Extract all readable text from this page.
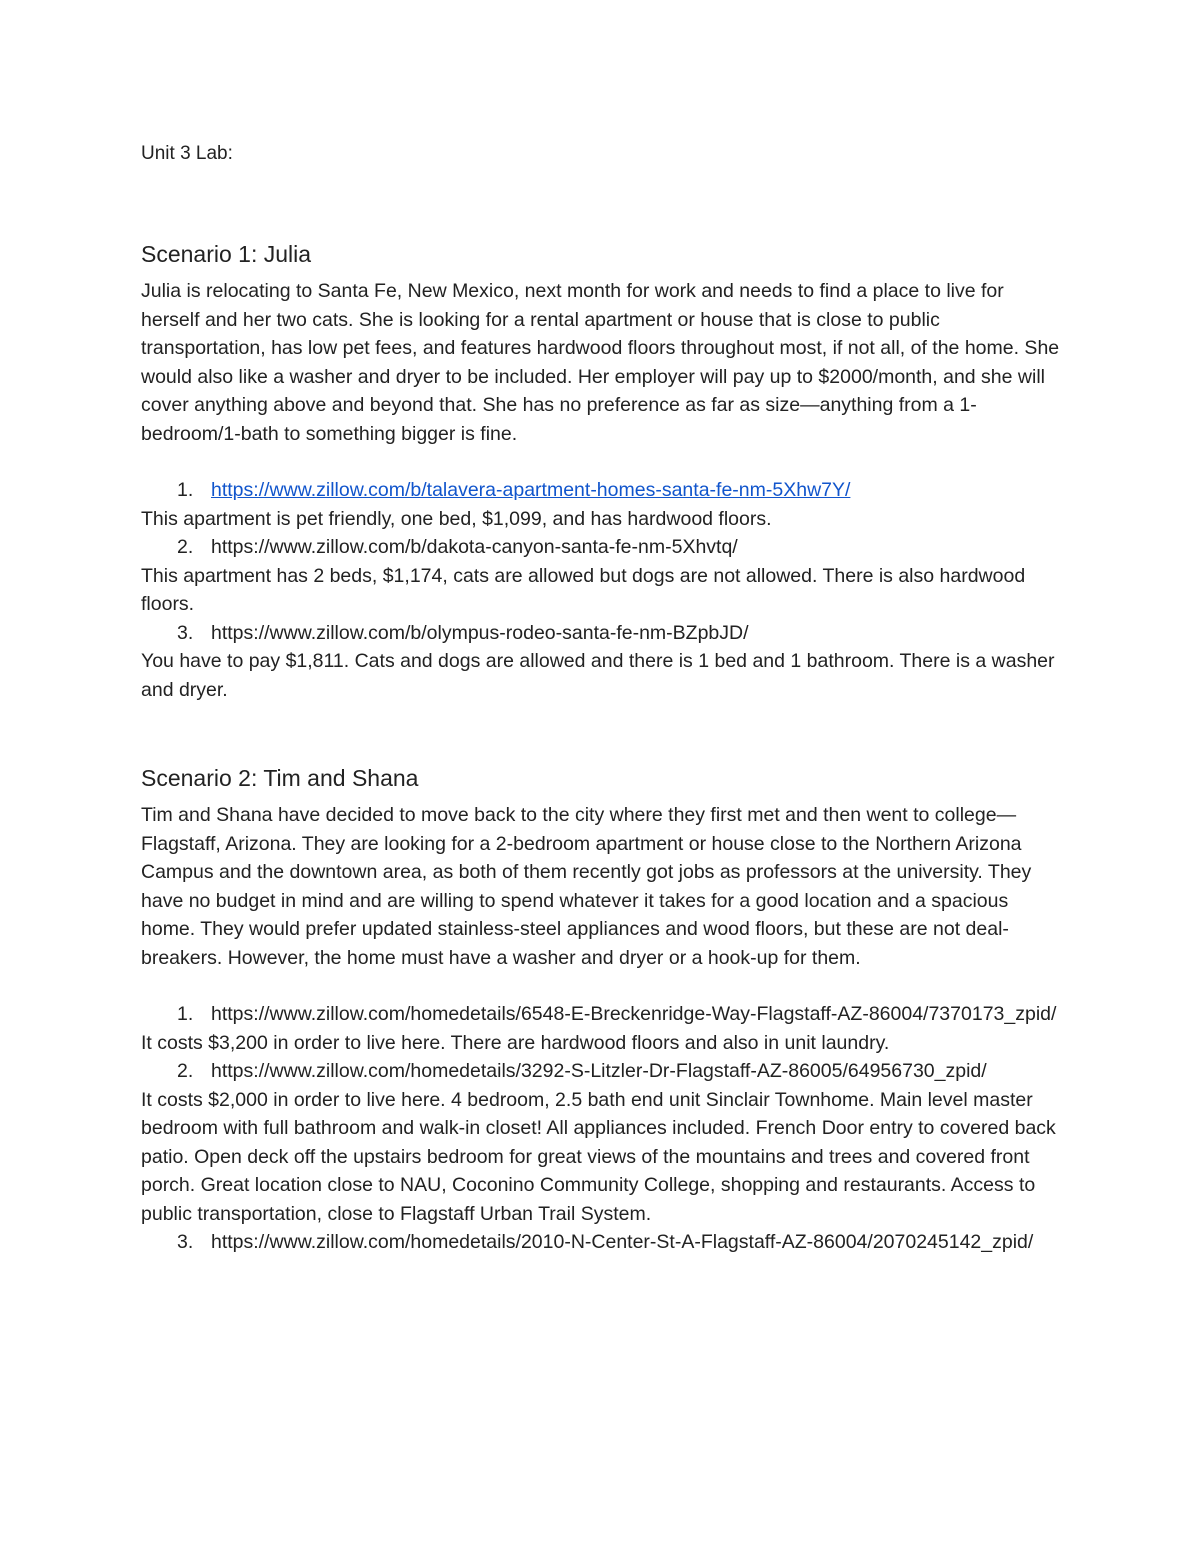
Unit 3 Lab:

Scenario 1: Julia

Julia is relocating to Santa Fe, New Mexico, next month for work and needs to find a place to live for herself and her two cats. She is looking for a rental apartment or house that is close to public transportation, has low pet fees, and features hardwood floors throughout most, if not all, of the home. She would also like a washer and dryer to be included. Her employer will pay up to $2000/month, and she will cover anything above and beyond that. She has no preference as far as size—anything from a 1-bedroom/1-bath to something bigger is fine.

1. https://www.zillow.com/b/talavera-apartment-homes-santa-fe-nm-5Xhw7Y/

This apartment is pet friendly, one bed, $1,099, and has hardwood floors.

2. https://www.zillow.com/b/dakota-canyon-santa-fe-nm-5Xhvtq/

This apartment has 2 beds, $1,174, cats are allowed but dogs are not allowed. There is also hardwood floors.

3. https://www.zillow.com/b/olympus-rodeo-santa-fe-nm-BZpbJD/

You have to pay $1,811. Cats and dogs are allowed and there is 1 bed and 1 bathroom. There is a washer and dryer.

Scenario 2: Tim and Shana

Tim and Shana have decided to move back to the city where they first met and then went to college—Flagstaff, Arizona. They are looking for a 2-bedroom apartment or house close to the Northern Arizona Campus and the downtown area, as both of them recently got jobs as professors at the university. They have no budget in mind and are willing to spend whatever it takes for a good location and a spacious home. They would prefer updated stainless-steel appliances and wood floors, but these are not deal-breakers. However, the home must have a washer and dryer or a hook-up for them.

1. https://www.zillow.com/homedetails/6548-E-Breckenridge-Way-Flagstaff-AZ-86004/7370173_zpid/

It costs $3,200 in order to live here. There are hardwood floors and also in unit laundry.

2. https://www.zillow.com/homedetails/3292-S-Litzler-Dr-Flagstaff-AZ-86005/64956730_zpid/

It costs $2,000 in order to live here. 4 bedroom, 2.5 bath end unit Sinclair Townhome. Main level master bedroom with full bathroom and walk-in closet! All appliances included. French Door entry to covered back patio. Open deck off the upstairs bedroom for great views of the mountains and trees and covered front porch. Great location close to NAU, Coconino Community College, shopping and restaurants. Access to public transportation, close to Flagstaff Urban Trail System.

3. https://www.zillow.com/homedetails/2010-N-Center-St-A-Flagstaff-AZ-86004/2070245142_zpid/
